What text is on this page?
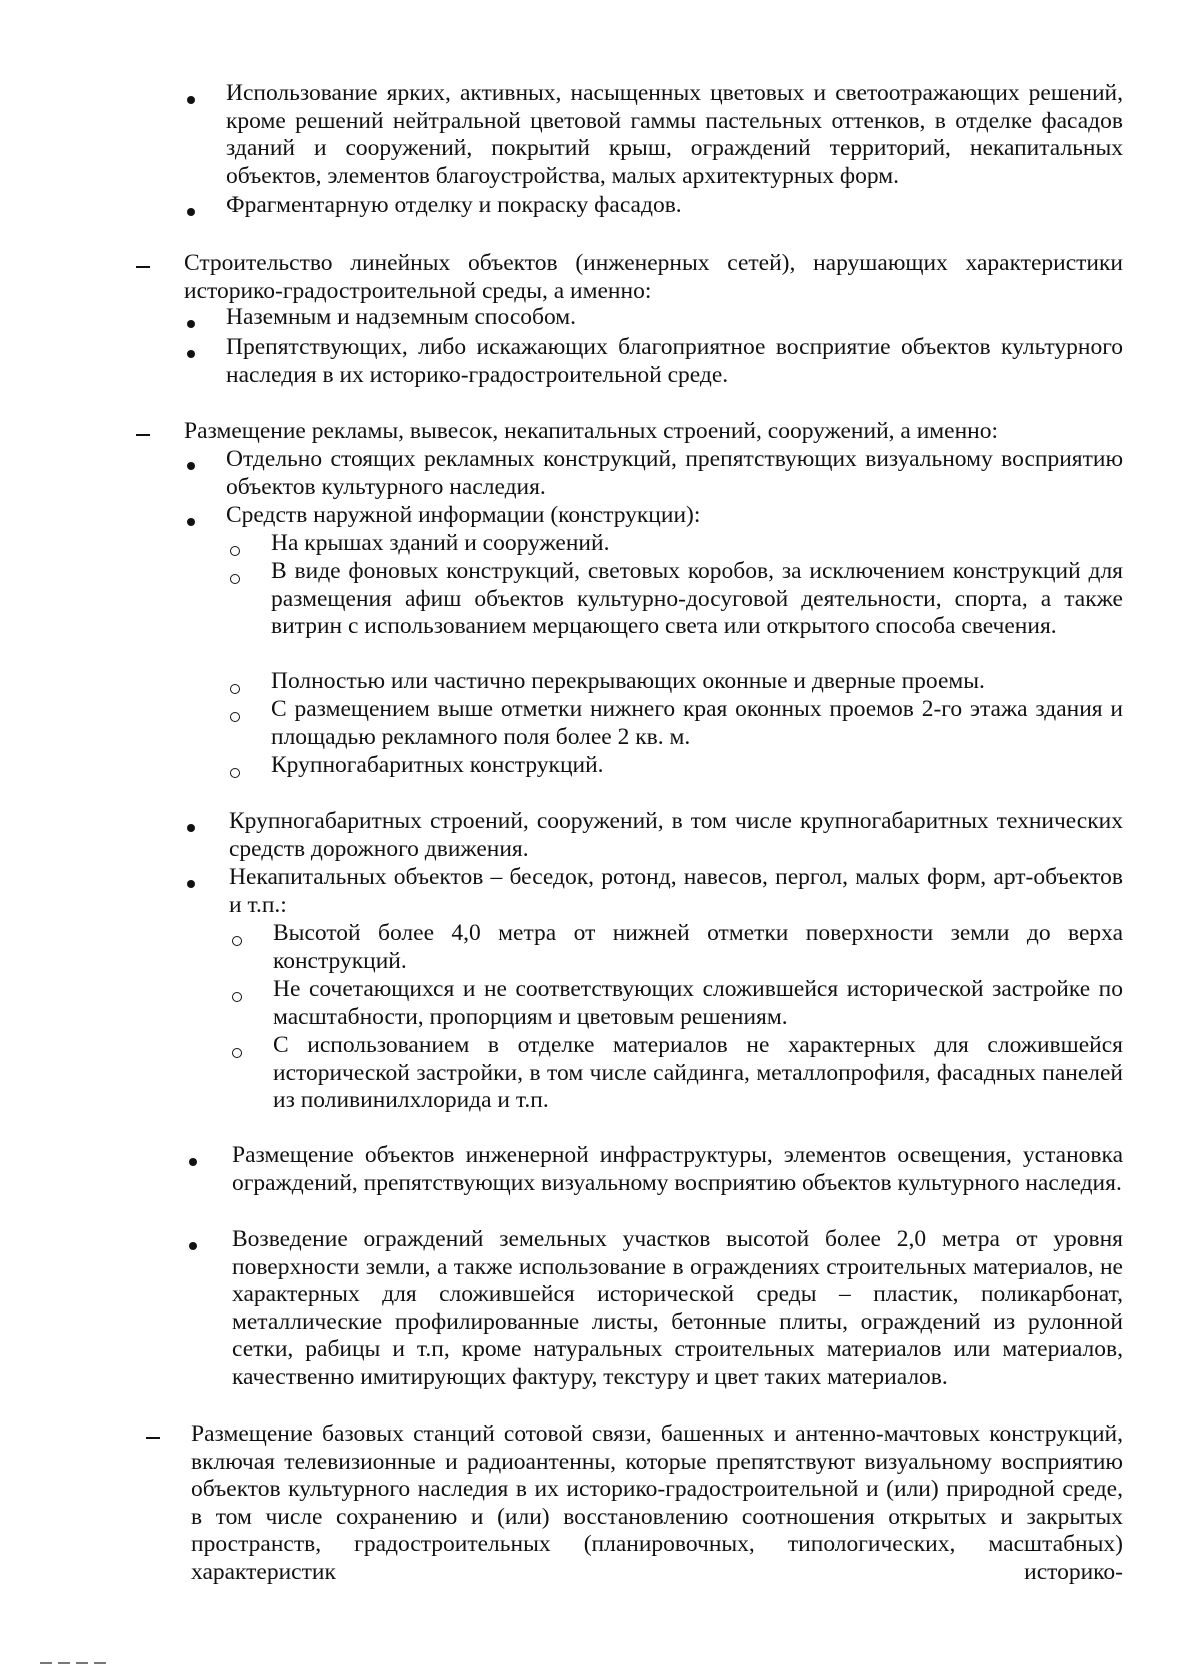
Использование ярких, активных, насыщенных цветовых и светоотражающих решений, кроме решений нейтральной цветовой гаммы пастельных оттенков, в отделке фасадов зданий и сооружений, покрытий крыш, ограждений территорий, некапитальных объектов, элементов благоустройства, малых архитектурных форм.

Фрагментарную отделку и покраску фасадов.

Строительство линейных объектов (инженерных сетей), нарушающих характеристики историко-градостроительной среды, а именно:

Наземным и надземным способом.

Препятствующих, либо искажающих благоприятное восприятие объектов культурного наследия в их историко-градостроительной среде.

Размещение рекламы, вывесок, некапитальных строений, сооружений, а именно:

Отдельно стоящих рекламных конструкций, препятствующих визуальному восприятию объектов культурного наследия.

Средств наружной информации (конструкции):

На крышах зданий и сооружений.

В виде фоновых конструкций, световых коробов, за исключением конструкций для размещения афиш объектов культурно-досуговой деятельности, спорта, а также витрин с использованием мерцающего света или открытого способа свечения.

Полностью или частично перекрывающих оконные и дверные проемы.

С размещением выше отметки нижнего края оконных проемов 2-го этажа здания и площадью рекламного поля более 2 кв. м.

Крупногабаритных конструкций.

Крупногабаритных строений, сооружений, в том числе крупногабаритных технических средств дорожного движения.

Некапитальных объектов – беседок, ротонд, навесов, пергол, малых форм, арт-объектов и т.п.:

Высотой более 4,0 метра от нижней отметки поверхности земли до верха конструкций.

Не сочетающихся и не соответствующих сложившейся исторической застройке по масштабности, пропорциям и цветовым решениям.

С использованием в отделке материалов не характерных для сложившейся исторической застройки, в том числе сайдинга, металлопрофиля, фасадных панелей из поливинилхлорида и т.п.

Размещение объектов инженерной инфраструктуры, элементов освещения, установка ограждений, препятствующих визуальному восприятию объектов культурного наследия.

Возведение ограждений земельных участков высотой более 2,0 метра от уровня поверхности земли, а также использование в ограждениях строительных материалов, не характерных для сложившейся исторической среды – пластик, поликарбонат, металлические профилированные листы, бетонные плиты, ограждений из рулонной сетки, рабицы и т.п, кроме натуральных строительных материалов или материалов, качественно имитирующих фактуру, текстуру и цвет таких материалов.

Размещение базовых станций сотовой связи, башенных и антенно-мачтовых конструкций, включая телевизионные и радиоантенны, которые препятствуют визуальному восприятию объектов культурного наследия в их историко-градостроительной и (или) природной среде, в том числе сохранению и (или) восстановлению соотношения открытых и закрытых пространств, градостроительных (планировочных, типологических, масштабных) характеристик историко-
